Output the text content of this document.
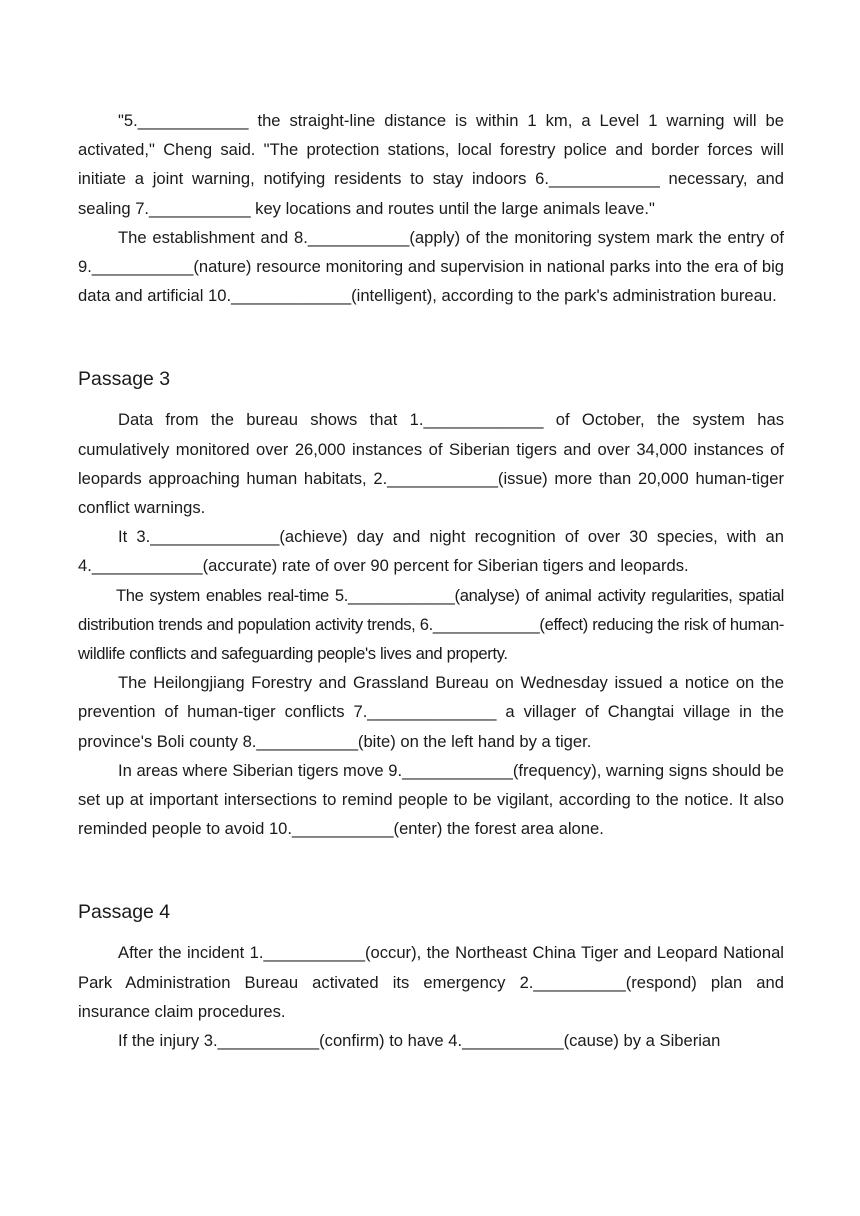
"5.____________ the straight-line distance is within 1 km, a Level 1 warning will be activated," Cheng said. "The protection stations, local forestry police and border forces will initiate a joint warning, notifying residents to stay indoors 6.____________ necessary, and sealing 7.___________ key locations and routes until the large animals leave."

The establishment and 8.___________(apply) of the monitoring system mark the entry of 9.___________(nature) resource monitoring and supervision in national parks into the era of big data and artificial 10._____________(intelligent), according to the park's administration bureau.

Passage 3

Data from the bureau shows that 1._____________ of October, the system has cumulatively monitored over 26,000 instances of Siberian tigers and over 34,000 instances of leopards approaching human habitats, 2.____________(issue) more than 20,000 human-tiger conflict warnings.

It 3.______________(achieve) day and night recognition of over 30 species, with an 4.____________(accurate) rate of over 90 percent for Siberian tigers and leopards.

The system enables real-time 5.____________(analyse) of animal activity regularities, spatial distribution trends and population activity trends, 6.____________(effect) reducing the risk of human-wildlife conflicts and safeguarding people's lives and property.

The Heilongjiang Forestry and Grassland Bureau on Wednesday issued a notice on the prevention of human-tiger conflicts 7.______________ a villager of Changtai village in the province's Boli county 8.___________(bite) on the left hand by a tiger.

In areas where Siberian tigers move 9.____________(frequency), warning signs should be set up at important intersections to remind people to be vigilant, according to the notice. It also reminded people to avoid 10.___________(enter) the forest area alone.

Passage 4

After the incident 1.___________(occur), the Northeast China Tiger and Leopard National Park Administration Bureau activated its emergency 2.__________(respond) plan and insurance claim procedures.

If the injury 3.___________(confirm) to have 4.___________(cause) by a Siberian
